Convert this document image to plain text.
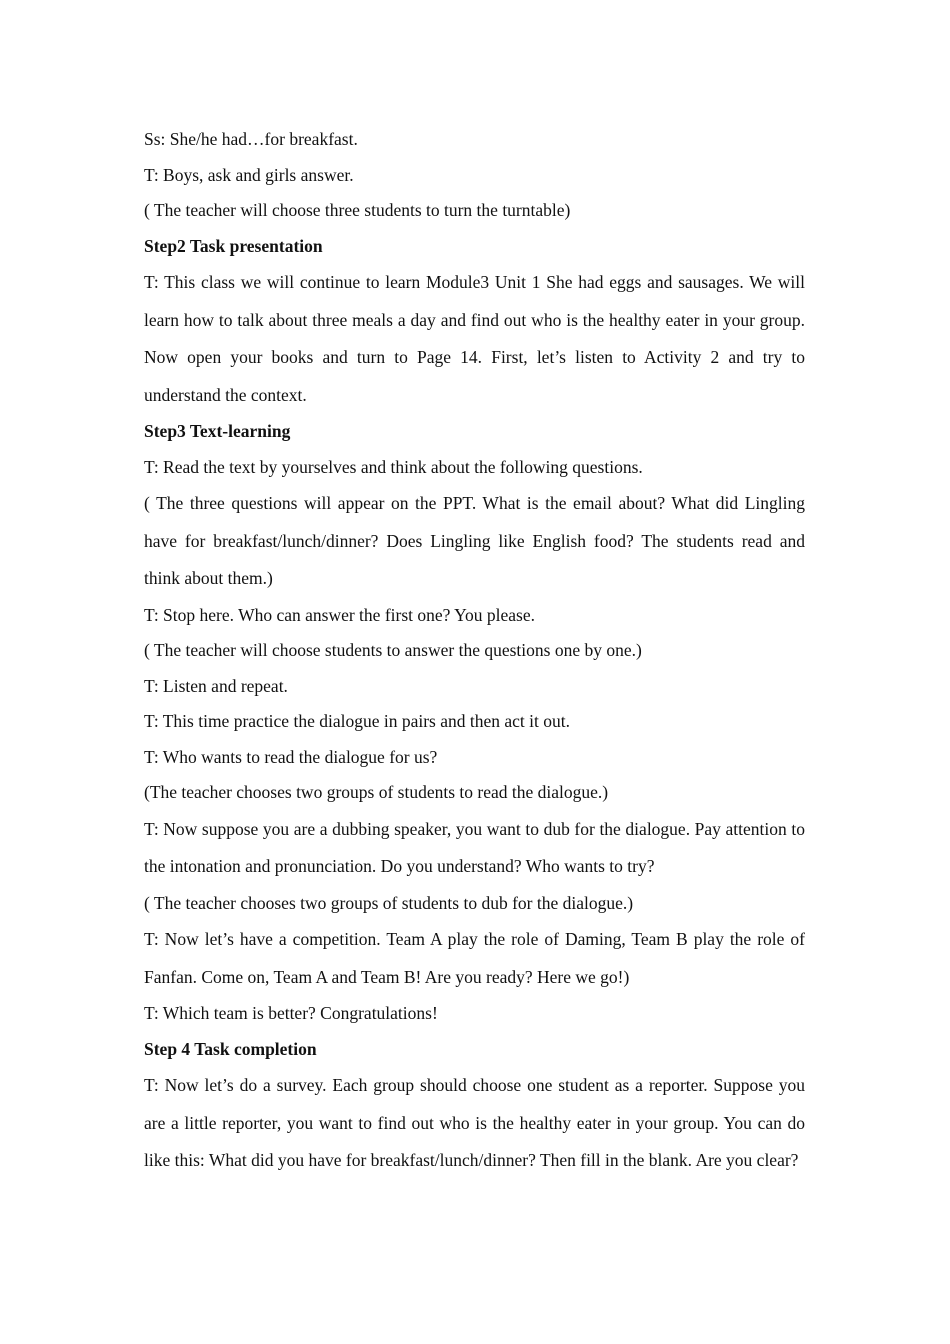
Ss: She/he had…for breakfast.

T: Boys, ask and girls answer.

( The teacher will choose three students to turn the turntable)

Step2 Task presentation

T: This class we will continue to learn Module3 Unit 1 She had eggs and sausages. We will learn how to talk about three meals a day and find out who is the healthy eater in your group. Now open your books and turn to Page 14. First, let’s listen to Activity 2 and try to understand the context.

Step3 Text-learning

T: Read the text by yourselves and think about the following questions.

( The three questions will appear on the PPT. What is the email about? What did Lingling have for breakfast/lunch/dinner? Does Lingling like English food? The students read and think about them.)

T: Stop here. Who can answer the first one? You please.

( The teacher will choose students to answer the questions one by one.)

T: Listen and repeat.

T: This time practice the dialogue in pairs and then act it out.

T: Who wants to read the dialogue for us?

(The teacher chooses two groups of students to read the dialogue.)

T: Now suppose you are a dubbing speaker, you want to dub for the dialogue. Pay attention to the intonation and pronunciation. Do you understand? Who wants to try?

( The teacher chooses two groups of students to dub for the dialogue.)

T: Now let’s have a competition. Team A play the role of Daming, Team B play the role of Fanfan. Come on, Team A and Team B! Are you ready? Here we go!)

T: Which team is better? Congratulations!

Step 4 Task completion

T: Now let’s do a survey. Each group should choose one student as a reporter. Suppose you are a little reporter, you want to find out who is the healthy eater in your group. You can do like this: What did you have for breakfast/lunch/dinner? Then fill in the blank. Are you clear?
